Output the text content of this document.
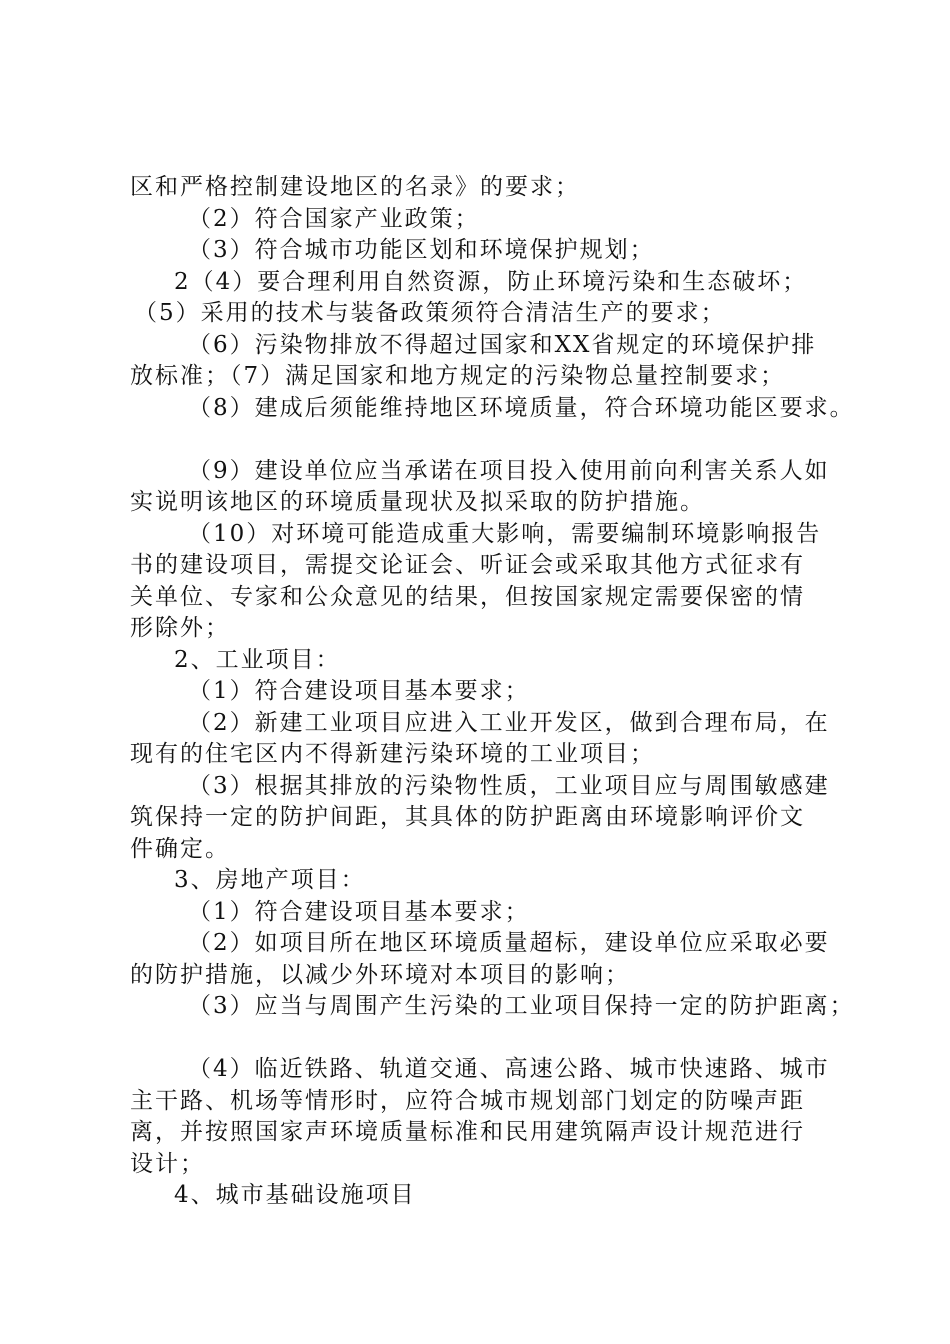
区和严格控制建设地区的名录》的要求；
（2）符合国家产业政策；
（3）符合城市功能区划和环境保护规划；
2（4）要合理利用自然资源，防止环境污染和生态破坏；
（5）采用的技术与装备政策须符合清洁生产的要求；
（6）污染物排放不得超过国家和XX省规定的环境保护排
放标准；（7）满足国家和地方规定的污染物总量控制要求；
（8）建成后须能维持地区环境质量，符合环境功能区要求。
（9）建设单位应当承诺在项目投入使用前向利害关系人如
实说明该地区的环境质量现状及拟采取的防护措施。
（10）对环境可能造成重大影响，需要编制环境影响报告
书的建设项目，需提交论证会、听证会或采取其他方式征求有
关单位、专家和公众意见的结果，但按国家规定需要保密的情
形除外；
2、工业项目：
（1）符合建设项目基本要求；
（2）新建工业项目应进入工业开发区，做到合理布局，在
现有的住宅区内不得新建污染环境的工业项目；
（3）根据其排放的污染物性质，工业项目应与周围敏感建
筑保持一定的防护间距，其具体的防护距离由环境影响评价文
件确定。
3、房地产项目：
（1）符合建设项目基本要求；
（2）如项目所在地区环境质量超标，建设单位应采取必要
的防护措施，以减少外环境对本项目的影响；
（3）应当与周围产生污染的工业项目保持一定的防护距离；
（4）临近铁路、轨道交通、高速公路、城市快速路、城市
主干路、机场等情形时，应符合城市规划部门划定的防噪声距
离，并按照国家声环境质量标准和民用建筑隔声设计规范进行
设计；
4、城市基础设施项目
